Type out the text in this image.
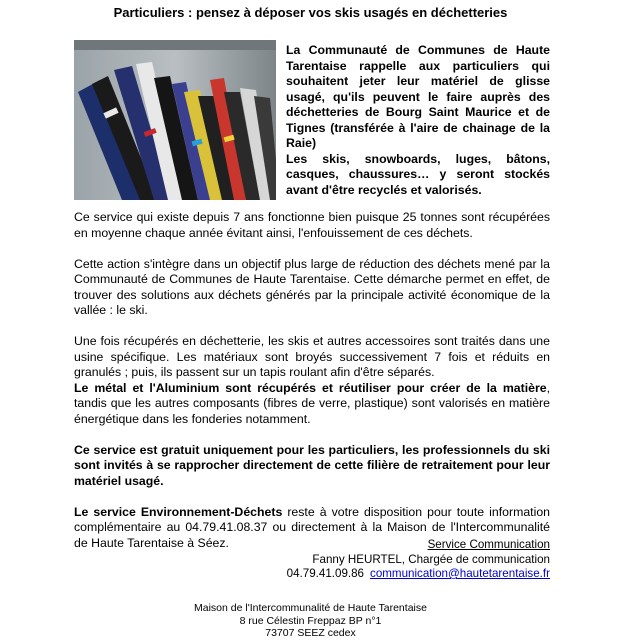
Particuliers : pensez à déposer vos skis usagés en déchetteries

La Communauté de Communes de Haute Tarentaise rappelle aux particuliers qui souhaitent jeter leur matériel de glisse usagé, qu'ils peuvent le faire auprès des déchetteries de Bourg Saint Maurice et de Tignes (transférée à l'aire de chainage de la Raie)

Les skis, snowboards, luges, bâtons, casques, chaussures… y seront stockés avant d'être recyclés et valorisés.

Ce service qui existe depuis 7 ans fonctionne bien puisque 25 tonnes sont récupérées en moyenne chaque année évitant ainsi, l'enfouissement de ces déchets.

Cette action s'intègre dans un objectif plus large de réduction des déchets mené par la Communauté de Communes de Haute Tarentaise. Cette démarche permet en effet, de trouver des solutions aux déchets générés par la principale activité économique de la vallée : le ski.

Une fois récupérés en déchetterie, les skis et autres accessoires sont traités dans une usine spécifique. Les matériaux sont broyés successivement 7 fois et réduits en granulés ; puis, ils passent sur un tapis roulant afin d'être séparés.

Le métal et l'Aluminium sont récupérés et réutiliser pour créer de la matière, tandis que les autres composants (fibres de verre, plastique) sont valorisés en matière énergétique dans les fonderies notamment.

Ce service est gratuit uniquement pour les particuliers, les professionnels du ski sont invités à se rapprocher directement de cette filière de retraitement pour leur matériel usagé.

Le service Environnement-Déchets reste à votre disposition pour toute information complémentaire au 04.79.41.08.37 ou directement à la Maison de l'Intercommunalité de Haute Tarentaise à Séez.	Service Communication
Fanny HEURTEL, Chargée de communication
04.79.41.09.86 communication@hautetarentaise.fr
Maison de l'Intercommunalité de Haute Tarentaise
8 rue Célestin Freppaz BP n°1
73707 SEEZ cedex
